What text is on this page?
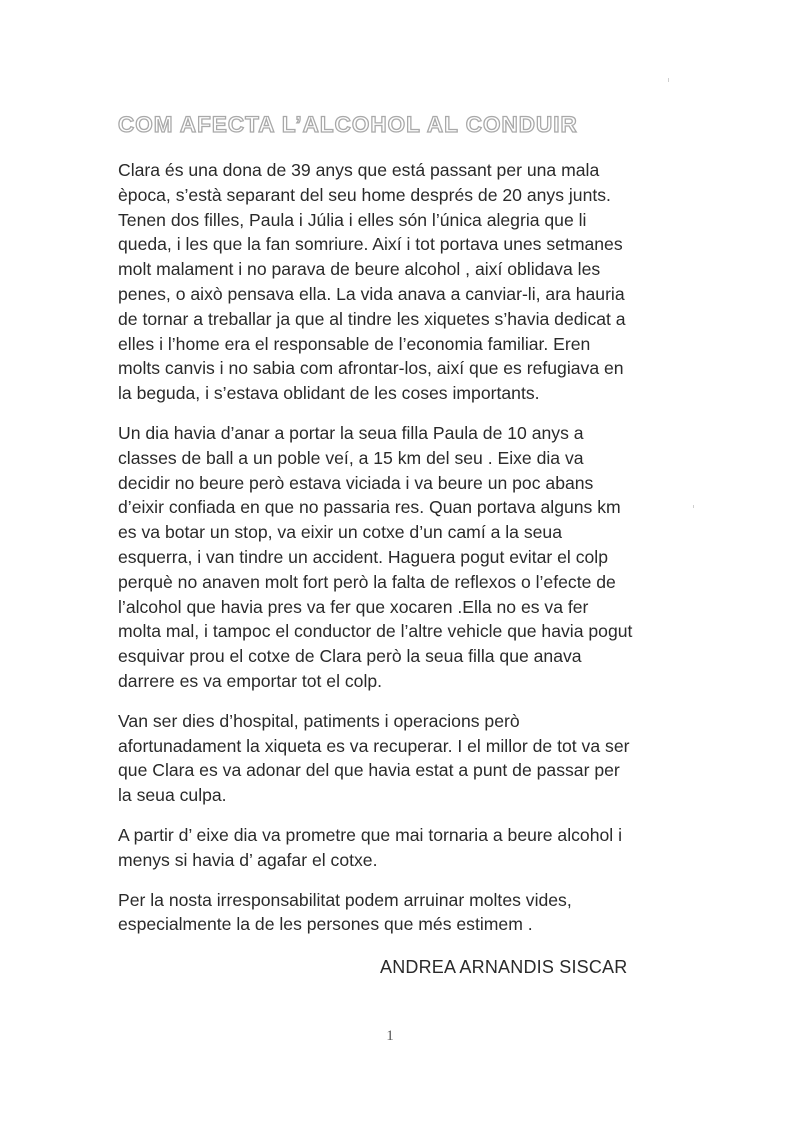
COM AFECTA L’ALCOHOL AL CONDUIR

Clara és una dona de 39 anys que está passant per una mala
època, s’està separant del seu home després de 20 anys junts.
Tenen dos filles, Paula i Júlia i elles són l’única alegria que li
queda, i les que la fan somriure. Així i tot portava unes setmanes
molt malament i no parava de beure alcohol , així oblidava les
penes, o això pensava ella. La vida anava a canviar-li, ara hauria
de tornar a treballar ja que al tindre les xiquetes s’havia dedicat a
elles i l’home era el responsable de l’economia familiar. Eren
molts canvis i no sabia com afrontar-los, així que es refugiava en
la beguda, i s’estava oblidant de les coses importants.

Un dia havia d’anar a portar la seua filla Paula de 10 anys a
classes de ball a un poble veí, a 15 km del seu . Eixe dia va
decidir no beure però estava viciada i va beure un poc abans
d’eixir confiada en que no passaria res. Quan portava alguns km
es va botar un stop, va eixir un cotxe d’un camí a la seua
esquerra, i van tindre un accident. Haguera pogut evitar el colp
perquè no anaven molt fort però la falta de reflexos o l’efecte de
l’alcohol que havia pres va fer que xocaren .Ella no es va fer
molta mal, i tampoc el conductor de l’altre vehicle que havia pogut
esquivar prou el cotxe de Clara però la seua filla que anava
darrere es va emportar tot el colp.

Van ser dies d’hospital, patiments i operacions però
afortunadament la xiqueta es va recuperar. I el millor de tot va ser
que Clara es va adonar del que havia estat a punt de passar per
la seua culpa.

A partir d’ eixe dia va prometre que mai tornaria a beure alcohol i
menys si havia d’ agafar el cotxe.

Per la nosta irresponsabilitat podem arruinar moltes vides,
especialmente la de les persones que més estimem .

ANDREA ARNANDIS SISCAR
1
